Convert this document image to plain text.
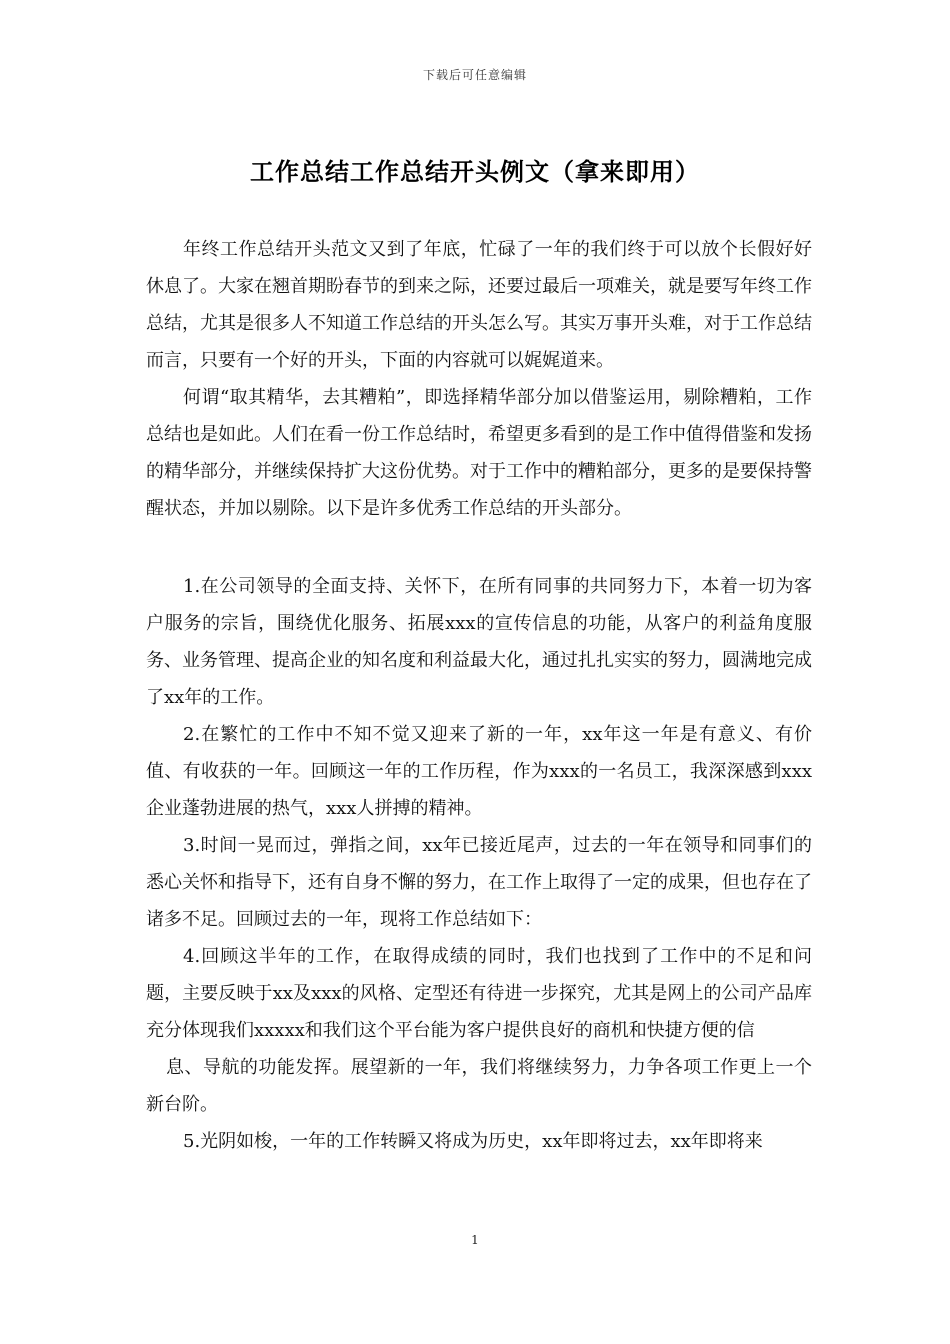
下载后可任意编辑
工作总结工作总结开头例文（拿来即用）

年终工作总结开头范文又到了年底，忙碌了一年的我们终于可以放个长假好好休息了。大家在翘首期盼春节的到来之际，还要过最后一项难关，就是要写年终工作总结，尤其是很多人不知道工作总结的开头怎么写。其实万事开头难，对于工作总结而言，只要有一个好的开头，下面的内容就可以娓娓道来。

何谓“取其精华，去其糟粕”，即选择精华部分加以借鉴运用，剔除糟粕，工作总结也是如此。人们在看一份工作总结时，希望更多看到的是工作中值得借鉴和发扬的精华部分，并继续保持扩大这份优势。对于工作中的糟粕部分，更多的是要保持警醒状态，并加以剔除。以下是许多优秀工作总结的开头部分。

1.在公司领导的全面支持、关怀下，在所有同事的共同努力下，本着一切为客户服务的宗旨，围绕优化服务、拓展xxx的宣传信息的功能，从客户的利益角度服务、业务管理、提高企业的知名度和利益最大化，通过扎扎实实的努力，圆满地完成了xx年的工作。

2.在繁忙的工作中不知不觉又迎来了新的一年，xx年这一年是有意义、有价值、有收获的一年。回顾这一年的工作历程，作为xxx的一名员工，我深深感到xxx企业蓬勃进展的热气，xxx人拼搏的精神。

3.时间一晃而过，弹指之间，xx年已接近尾声，过去的一年在领导和同事们的悉心关怀和指导下，还有自身不懈的努力，在工作上取得了一定的成果，但也存在了诸多不足。回顾过去的一年，现将工作总结如下：

4.回顾这半年的工作，在取得成绩的同时，我们也找到了工作中的不足和问题，主要反映于xx及xxx的风格、定型还有待进一步探究，尤其是网上的公司产品库充分体现我们xxxxx和我们这个平台能为客户提供良好的商机和快捷方便的信

息、导航的功能发挥。展望新的一年，我们将继续努力，力争各项工作更上一个新台阶。

5.光阴如梭，一年的工作转瞬又将成为历史，xx年即将过去，xx年即将来

1
